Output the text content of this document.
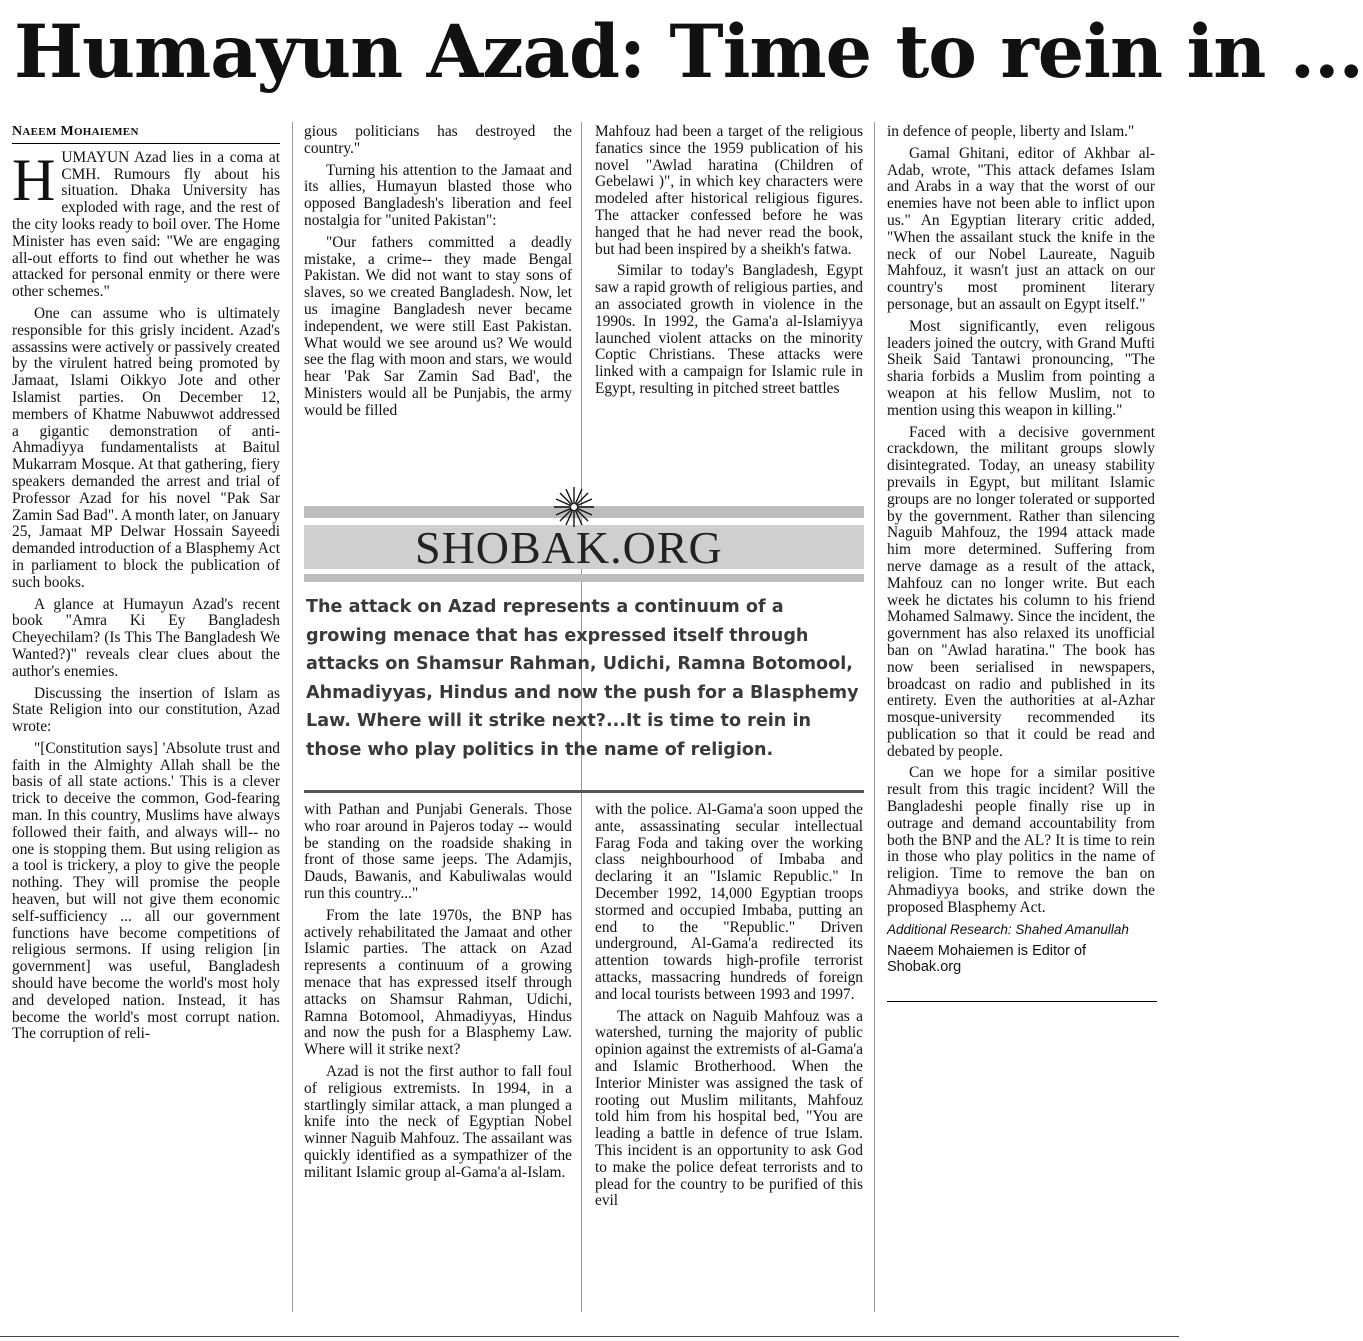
Humayun Azad: Time to rein in ...
NAEEM MOHAIEMEN

HUMAYUN Azad lies in a coma at CMH. Rumours fly about his situation. Dhaka University has exploded with rage, and the rest of the city looks ready to boil over. The Home Minister has even said: "We are engaging all-out efforts to find out whether he was attacked for personal enmity or there were other schemes."

One can assume who is ultimately responsible for this grisly incident. Azad's assassins were actively or passively created by the virulent hatred being promoted by Jamaat, Islami Oikkyo Jote and other Islamist parties. On December 12, members of Khatme Nabuwwot addressed a gigantic demonstration of anti-Ahmadiyya fundamentalists at Baitul Mukarram Mosque. At that gathering, fiery speakers demanded the arrest and trial of Professor Azad for his novel "Pak Sar Zamin Sad Bad". A month later, on January 25, Jamaat MP Delwar Hossain Sayeedi demanded introduction of a Blasphemy Act in parliament to block the publication of such books.

A glance at Humayun Azad's recent book "Amra Ki Ey Bangladesh Cheyechilam? (Is This The Bangladesh We Wanted?)" reveals clear clues about the author's enemies.

Discussing the insertion of Islam as State Religion into our constitution, Azad wrote:

"[Constitution says] 'Absolute trust and faith in the Almighty Allah shall be the basis of all state actions.' This is a clever trick to deceive the common, God-fearing man. In this country, Muslims have always followed their faith, and always will-- no one is stopping them. But using religion as a tool is trickery, a ploy to give the people nothing. They will promise the people heaven, but will not give them economic self-sufficiency ... all our government functions have become competitions of religious sermons. If using religion [in government] was useful, Bangladesh should have become the world's most holy and developed nation. Instead, it has become the world's most corrupt nation. The corruption of reli-

gious politicians has destroyed the country."

Turning his attention to the Jamaat and its allies, Humayun blasted those who opposed Bangladesh's liberation and feel nostalgia for "united Pakistan":

"Our fathers committed a deadly mistake, a crime-- they made Bengal Pakistan. We did not want to stay sons of slaves, so we created Bangladesh. Now, let us imagine Bangladesh never became independent, we were still East Pakistan. What would we see around us? We would see the flag with moon and stars, we would hear 'Pak Sar Zamin Sad Bad', the Ministers would all be Punjabis, the army would be filled

Mahfouz had been a target of the religious fanatics since the 1959 publication of his novel "Awlad haratina (Children of Gebelawi )", in which key characters were modeled after historical religious figures. The attacker confessed before he was hanged that he had never read the book, but had been inspired by a sheikh's fatwa.

Similar to today's Bangladesh, Egypt saw a rapid growth of religious parties, and an associated growth in violence in the 1990s. In 1992, the Gama'a al-Islamiyya launched violent attacks on the minority Coptic Christians. These attacks were linked with a campaign for Islamic rule in Egypt, resulting in pitched street battles

SHOBAK.ORG

The attack on Azad represents a continuum of a growing menace that has expressed itself through attacks on Shamsur Rahman, Udichi, Ramna Botomool, Ahmadiyyas, Hindus and now the push for a Blasphemy Law. Where will it strike next?...It is time to rein in those who play politics in the name of religion.

with Pathan and Punjabi Generals. Those who roar around in Pajeros today -- would be standing on the roadside shaking in front of those same jeeps. The Adamjis, Dauds, Bawanis, and Kabuliwalas would run this country..."

From the late 1970s, the BNP has actively rehabilitated the Jamaat and other Islamic parties. The attack on Azad represents a continuum of a growing menace that has expressed itself through attacks on Shamsur Rahman, Udichi, Ramna Botomool, Ahmadiyyas, Hindus and now the push for a Blasphemy Law. Where will it strike next?

Azad is not the first author to fall foul of religious extremists. In 1994, in a startlingly similar attack, a man plunged a knife into the neck of Egyptian Nobel winner Naguib Mahfouz. The assailant was quickly identified as a sympathizer of the militant Islamic group al-Gama'a al-Islam.

with the police. Al-Gama'a soon upped the ante, assassinating secular intellectual Farag Foda and taking over the working class neighbourhood of Imbaba and declaring it an "Islamic Republic." In December 1992, 14,000 Egyptian troops stormed and occupied Imbaba, putting an end to the "Republic." Driven underground, Al-Gama'a redirected its attention towards high-profile terrorist attacks, massacring hundreds of foreign and local tourists between 1993 and 1997.

The attack on Naguib Mahfouz was a watershed, turning the majority of public opinion against the extremists of al-Gama'a and Islamic Brotherhood. When the Interior Minister was assigned the task of rooting out Muslim militants, Mahfouz told him from his hospital bed, "You are leading a battle in defence of true Islam. This incident is an opportunity to ask God to make the police defeat terrorists and to plead for the country to be purified of this evil

in defence of people, liberty and Islam."

Gamal Ghitani, editor of Akhbar al-Adab, wrote, "This attack defames Islam and Arabs in a way that the worst of our enemies have not been able to inflict upon us." An Egyptian literary critic added, "When the assailant stuck the knife in the neck of our Nobel Laureate, Naguib Mahfouz, it wasn't just an attack on our country's most prominent literary personage, but an assault on Egypt itself."

Most significantly, even religous leaders joined the outcry, with Grand Mufti Sheik Said Tantawi pronouncing, "The sharia forbids a Muslim from pointing a weapon at his fellow Muslim, not to mention using this weapon in killing."

Faced with a decisive government crackdown, the militant groups slowly disintegrated. Today, an uneasy stability prevails in Egypt, but militant Islamic groups are no longer tolerated or supported by the government. Rather than silencing Naguib Mahfouz, the 1994 attack made him more determined. Suffering from nerve damage as a result of the attack, Mahfouz can no longer write. But each week he dictates his column to his friend Mohamed Salmawy. Since the incident, the government has also relaxed its unofficial ban on "Awlad haratina." The book has now been serialised in newspapers, broadcast on radio and published in its entirety. Even the authorities at al-Azhar mosque-university recommended its publication so that it could be read and debated by people.

Can we hope for a similar positive result from this tragic incident? Will the Bangladeshi people finally rise up in outrage and demand accountability from both the BNP and the AL? It is time to rein in those who play politics in the name of religion. Time to remove the ban on Ahmadiyya books, and strike down the proposed Blasphemy Act.

Additional Research: Shahed Amanullah

Naeem Mohaiemen is Editor of Shobak.org
